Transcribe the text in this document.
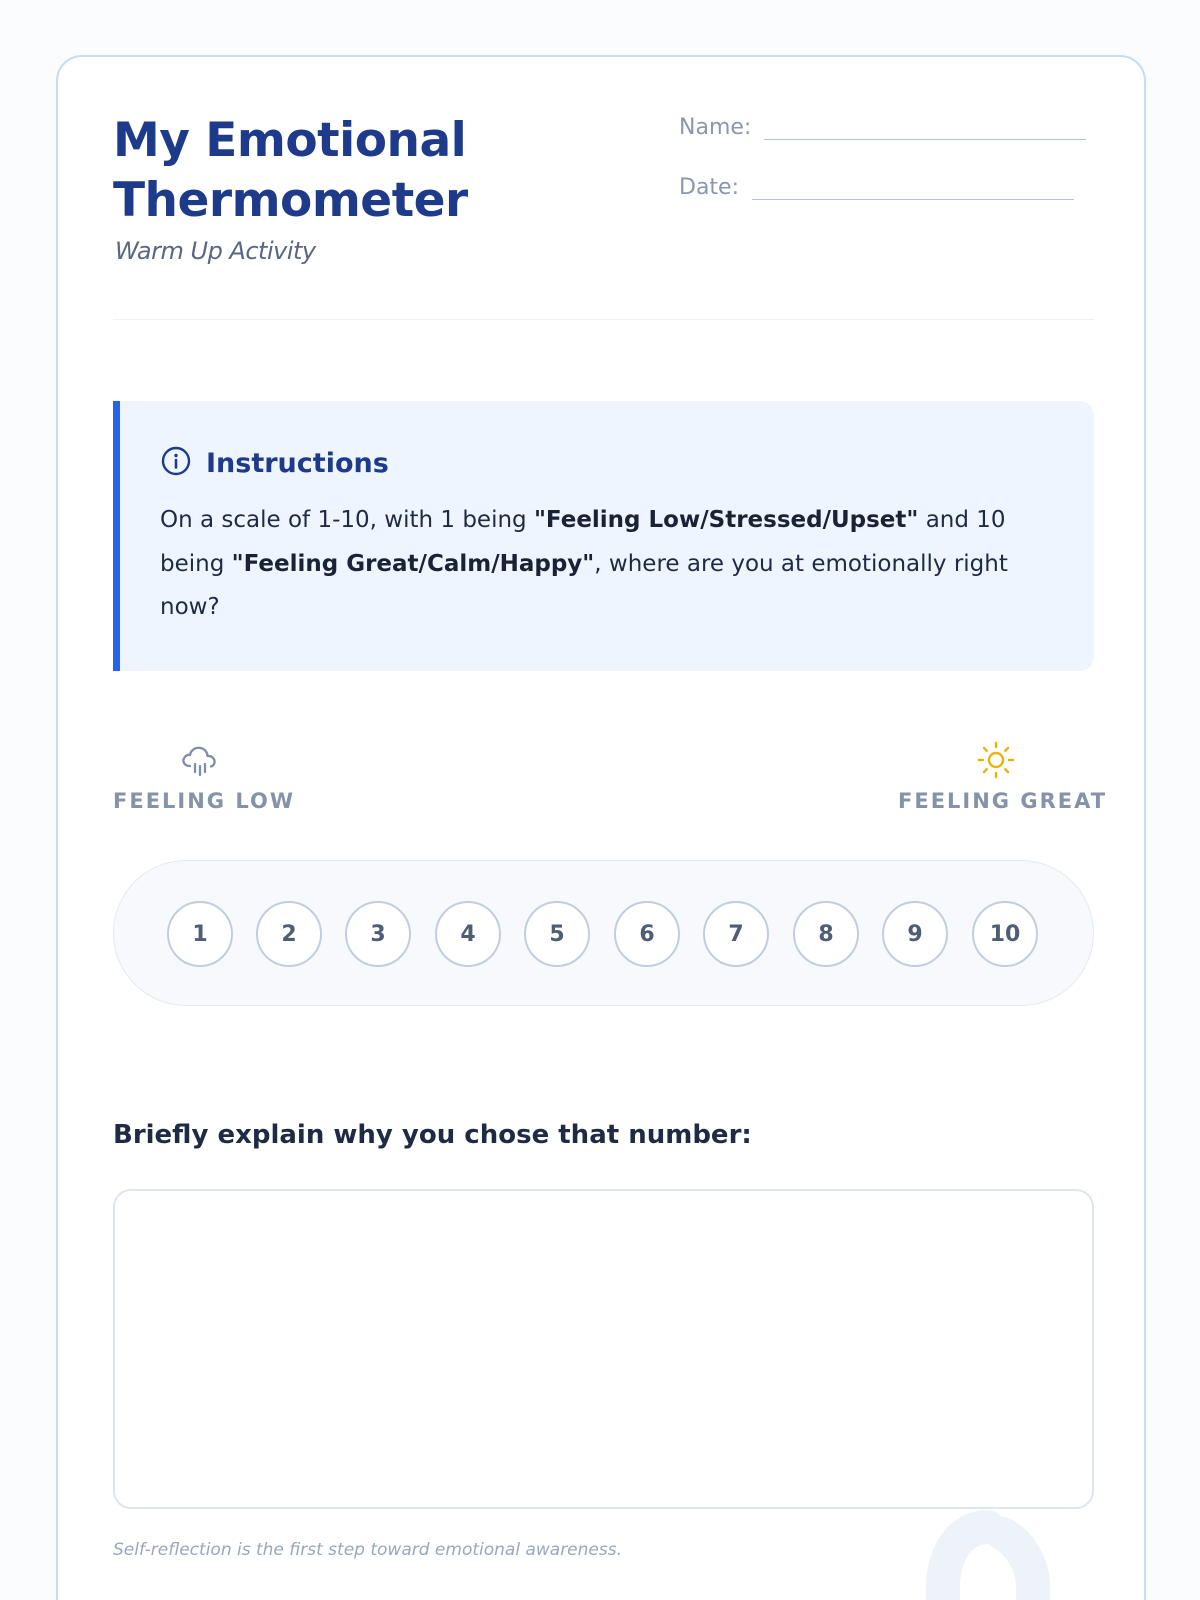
My Emotional Thermometer
Warm Up Activity
Name:
Date:
Instructions

On a scale of 1-10, with 1 being "Feeling Low/Stressed/Upset" and 10 being "Feeling Great/Calm/Happy", where are you at emotionally right now?

FEELING LOW	FEELING GREAT
1	2	3	4	5	6	7	8	9	10
Briefly explain why you chose that number:
Self-reflection is the first step toward emotional awareness.
